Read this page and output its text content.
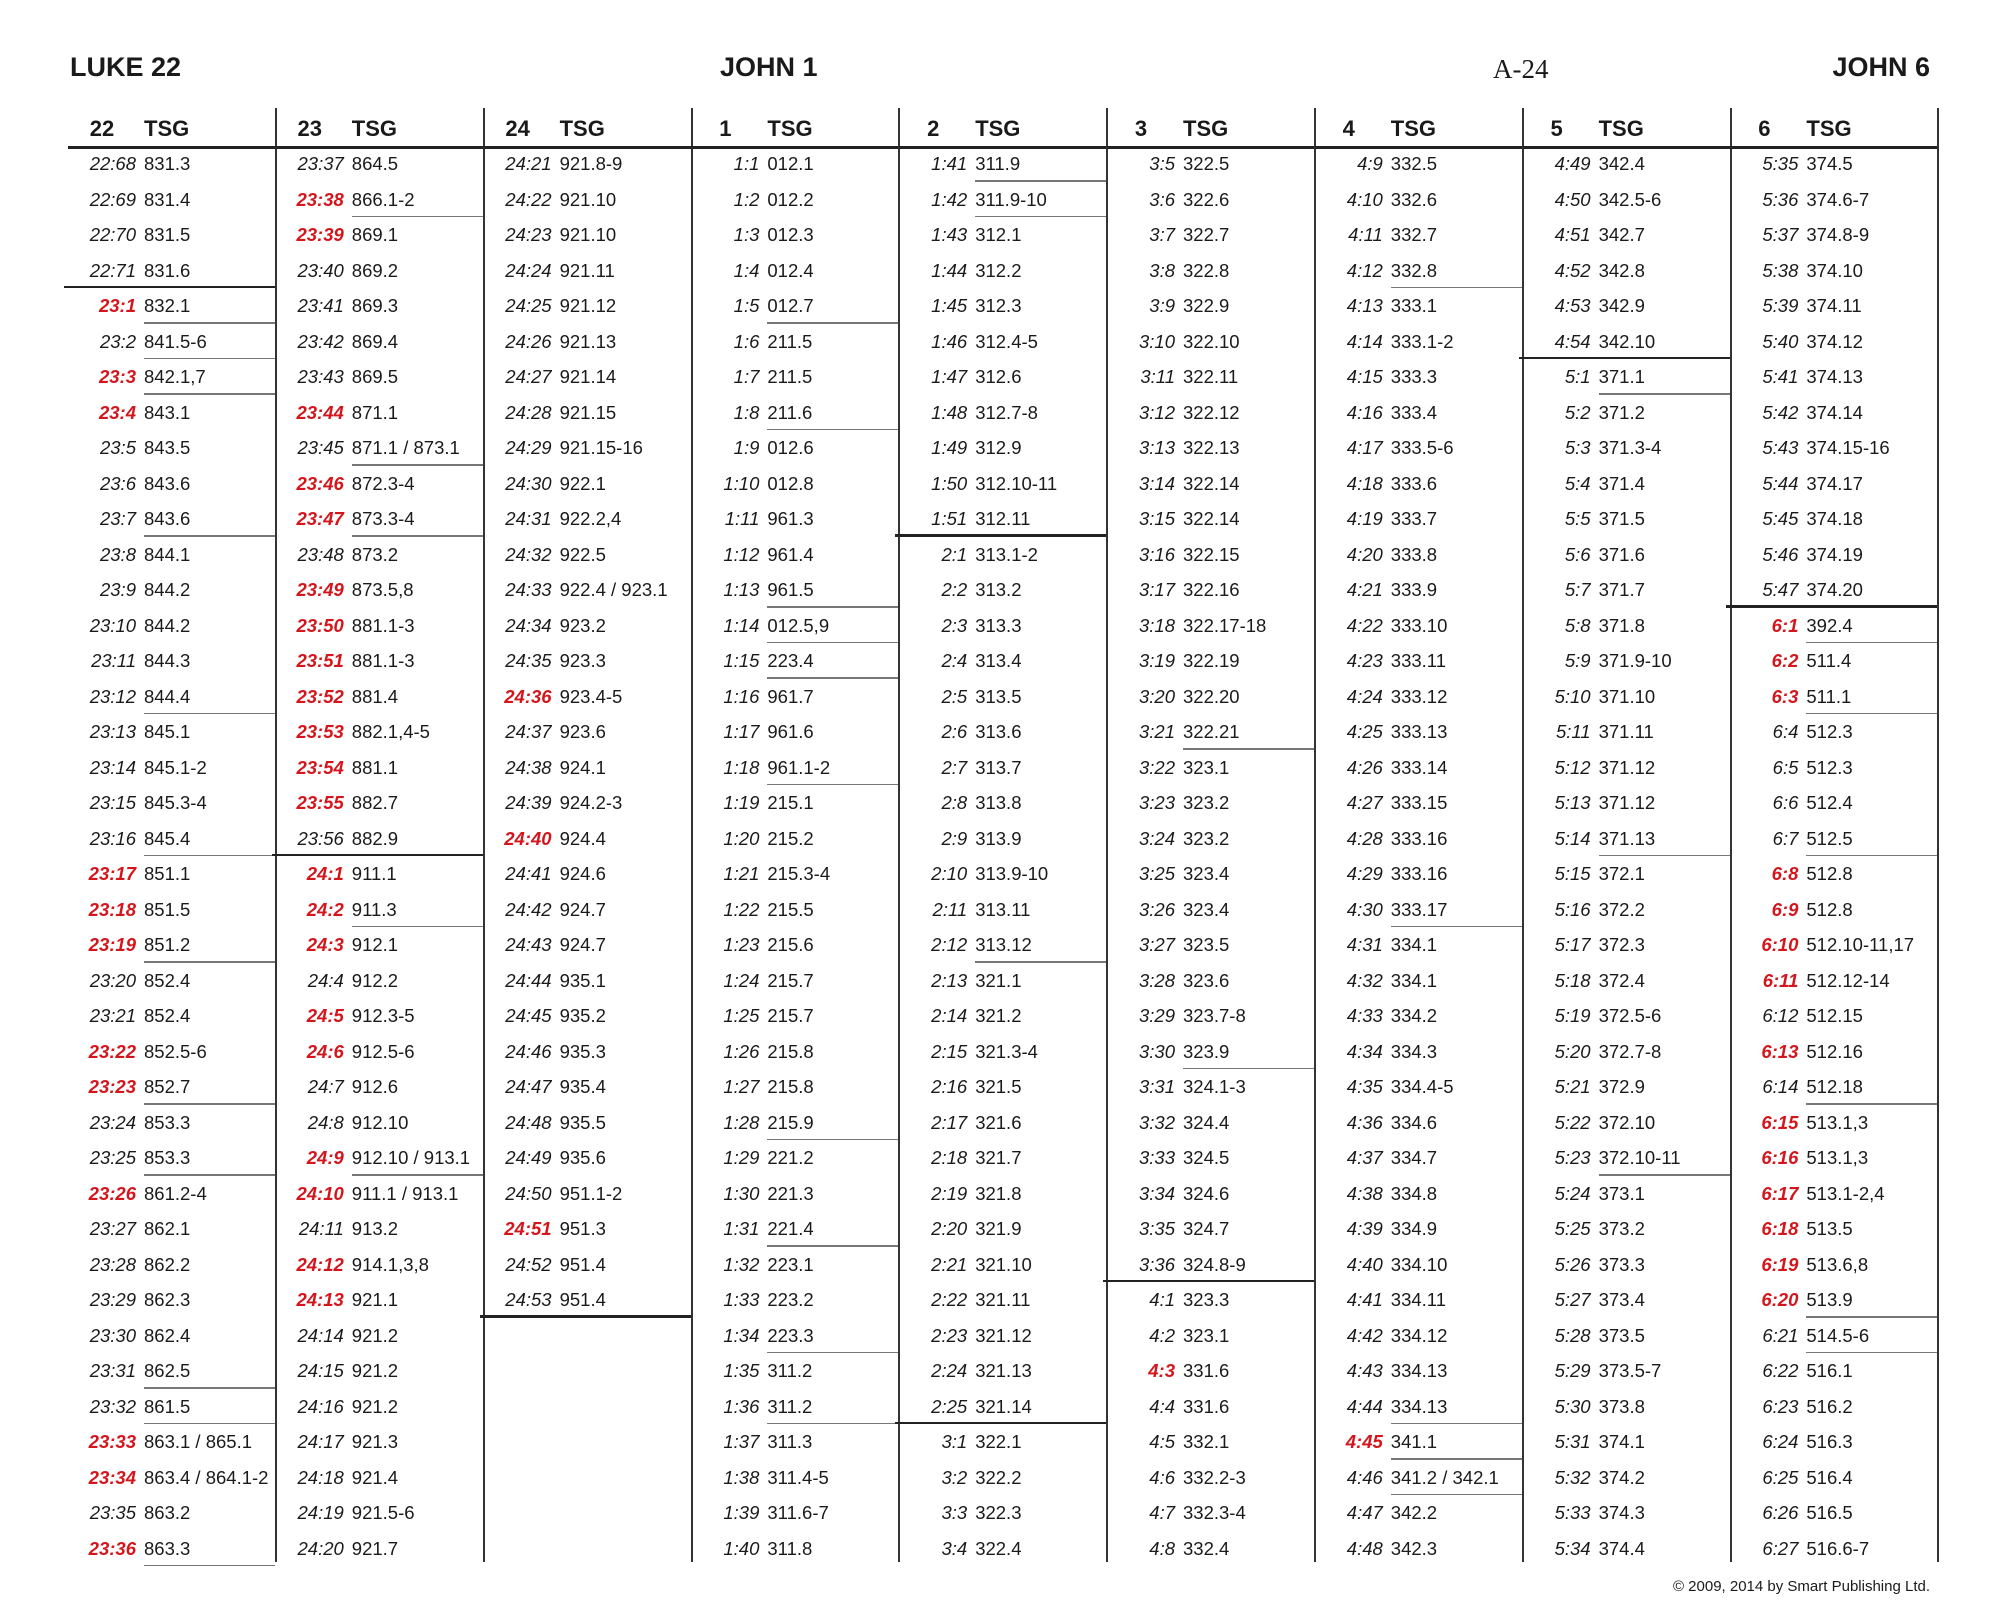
LUKE 22	JOHN 1	A-24	JOHN 6
22	TSG
22:68 831.3
22:69 831.4
22:70 831.5
22:71 831.6
23:1 832.1
23:2 841.5-6
23:3 842.1,7
23:4 843.1
23:5 843.5
23:6 843.6
23:7 843.6
23:8 844.1
23:9 844.2
23:10 844.2
23:11 844.3
23:12 844.4
23:13 845.1
23:14 845.1-2
23:15 845.3-4
23:16 845.4
23:17 851.1
23:18 851.5
23:19 851.2
23:20 852.4
23:21 852.4
23:22 852.5-6
23:23 852.7
23:24 853.3
23:25 853.3
23:26 861.2-4
23:27 862.1
23:28 862.2
23:29 862.3
23:30 862.4
23:31 862.5
23:32 861.5
23:33 863.1 / 865.1
23:34 863.4 / 864.1-2
23:35 863.2
23:36 863.3
23	TSG
23:37 864.5
23:38 866.1-2
23:39 869.1
23:40 869.2
23:41 869.3
23:42 869.4
23:43 869.5
23:44 871.1
23:45 871.1 / 873.1
23:46 872.3-4
23:47 873.3-4
23:48 873.2
23:49 873.5,8
23:50 881.1-3
23:51 881.1-3
23:52 881.4
23:53 882.1,4-5
23:54 881.1
23:55 882.7
23:56 882.9
24:1 911.1
24:2 911.3
24:3 912.1
24:4 912.2
24:5 912.3-5
24:6 912.5-6
24:7 912.6
24:8 912.10
24:9 912.10 / 913.1
24:10 911.1 / 913.1
24:11 913.2
24:12 914.1,3,8
24:13 921.1
24:14 921.2
24:15 921.2
24:16 921.2
24:17 921.3
24:18 921.4
24:19 921.5-6
24:20 921.7
24	TSG
24:21 921.8-9
24:22 921.10
24:23 921.10
24:24 921.11
24:25 921.12
24:26 921.13
24:27 921.14
24:28 921.15
24:29 921.15-16
24:30 922.1
24:31 922.2,4
24:32 922.5
24:33 922.4 / 923.1
24:34 923.2
24:35 923.3
24:36 923.4-5
24:37 923.6
24:38 924.1
24:39 924.2-3
24:40 924.4
24:41 924.6
24:42 924.7
24:43 924.7
24:44 935.1
24:45 935.2
24:46 935.3
24:47 935.4
24:48 935.5
24:49 935.6
24:50 951.1-2
24:51 951.3
24:52 951.4
24:53 951.4
1	TSG
1:1 012.1
1:2 012.2
1:3 012.3
1:4 012.4
1:5 012.7
1:6 211.5
1:7 211.5
1:8 211.6
1:9 012.6
1:10 012.8
1:11 961.3
1:12 961.4
1:13 961.5
1:14 012.5,9
1:15 223.4
1:16 961.7
1:17 961.6
1:18 961.1-2
1:19 215.1
1:20 215.2
1:21 215.3-4
1:22 215.5
1:23 215.6
1:24 215.7
1:25 215.7
1:26 215.8
1:27 215.8
1:28 215.9
1:29 221.2
1:30 221.3
1:31 221.4
1:32 223.1
1:33 223.2
1:34 223.3
1:35 311.2
1:36 311.2
1:37 311.3
1:38 311.4-5
1:39 311.6-7
1:40 311.8
2	TSG
1:41 311.9
1:42 311.9-10
1:43 312.1
1:44 312.2
1:45 312.3
1:46 312.4-5
1:47 312.6
1:48 312.7-8
1:49 312.9
1:50 312.10-11
1:51 312.11
2:1 313.1-2
2:2 313.2
2:3 313.3
2:4 313.4
2:5 313.5
2:6 313.6
2:7 313.7
2:8 313.8
2:9 313.9
2:10 313.9-10
2:11 313.11
2:12 313.12
2:13 321.1
2:14 321.2
2:15 321.3-4
2:16 321.5
2:17 321.6
2:18 321.7
2:19 321.8
2:20 321.9
2:21 321.10
2:22 321.11
2:23 321.12
2:24 321.13
2:25 321.14
3:1 322.1
3:2 322.2
3:3 322.3
3:4 322.4
3	TSG
3:5 322.5
3:6 322.6
3:7 322.7
3:8 322.8
3:9 322.9
3:10 322.10
3:11 322.11
3:12 322.12
3:13 322.13
3:14 322.14
3:15 322.14
3:16 322.15
3:17 322.16
3:18 322.17-18
3:19 322.19
3:20 322.20
3:21 322.21
3:22 323.1
3:23 323.2
3:24 323.2
3:25 323.4
3:26 323.4
3:27 323.5
3:28 323.6
3:29 323.7-8
3:30 323.9
3:31 324.1-3
3:32 324.4
3:33 324.5
3:34 324.6
3:35 324.7
3:36 324.8-9
4:1 323.3
4:2 323.1
4:3 331.6
4:4 331.6
4:5 332.1
4:6 332.2-3
4:7 332.3-4
4:8 332.4
4	TSG
4:9 332.5
4:10 332.6
4:11 332.7
4:12 332.8
4:13 333.1
4:14 333.1-2
4:15 333.3
4:16 333.4
4:17 333.5-6
4:18 333.6
4:19 333.7
4:20 333.8
4:21 333.9
4:22 333.10
4:23 333.11
4:24 333.12
4:25 333.13
4:26 333.14
4:27 333.15
4:28 333.16
4:29 333.16
4:30 333.17
4:31 334.1
4:32 334.1
4:33 334.2
4:34 334.3
4:35 334.4-5
4:36 334.6
4:37 334.7
4:38 334.8
4:39 334.9
4:40 334.10
4:41 334.11
4:42 334.12
4:43 334.13
4:44 334.13
4:45 341.1
4:46 341.2 / 342.1
4:47 342.2
4:48 342.3
5	TSG
4:49 342.4
4:50 342.5-6
4:51 342.7
4:52 342.8
4:53 342.9
4:54 342.10
5:1 371.1
5:2 371.2
5:3 371.3-4
5:4 371.4
5:5 371.5
5:6 371.6
5:7 371.7
5:8 371.8
5:9 371.9-10
5:10 371.10
5:11 371.11
5:12 371.12
5:13 371.12
5:14 371.13
5:15 372.1
5:16 372.2
5:17 372.3
5:18 372.4
5:19 372.5-6
5:20 372.7-8
5:21 372.9
5:22 372.10
5:23 372.10-11
5:24 373.1
5:25 373.2
5:26 373.3
5:27 373.4
5:28 373.5
5:29 373.5-7
5:30 373.8
5:31 374.1
5:32 374.2
5:33 374.3
5:34 374.4
6	TSG
5:35 374.5
5:36 374.6-7
5:37 374.8-9
5:38 374.10
5:39 374.11
5:40 374.12
5:41 374.13
5:42 374.14
5:43 374.15-16
5:44 374.17
5:45 374.18
5:46 374.19
5:47 374.20
6:1 392.4
6:2 511.4
6:3 511.1
6:4 512.3
6:5 512.3
6:6 512.4
6:7 512.5
6:8 512.8
6:9 512.8
6:10 512.10-11,17
6:11 512.12-14
6:12 512.15
6:13 512.16
6:14 512.18
6:15 513.1,3
6:16 513.1,3
6:17 513.1-2,4
6:18 513.5
6:19 513.6,8
6:20 513.9
6:21 514.5-6
6:22 516.1
6:23 516.2
6:24 516.3
6:25 516.4
6:26 516.5
6:27 516.6-7
© 2009, 2014 by Smart Publishing Ltd.
